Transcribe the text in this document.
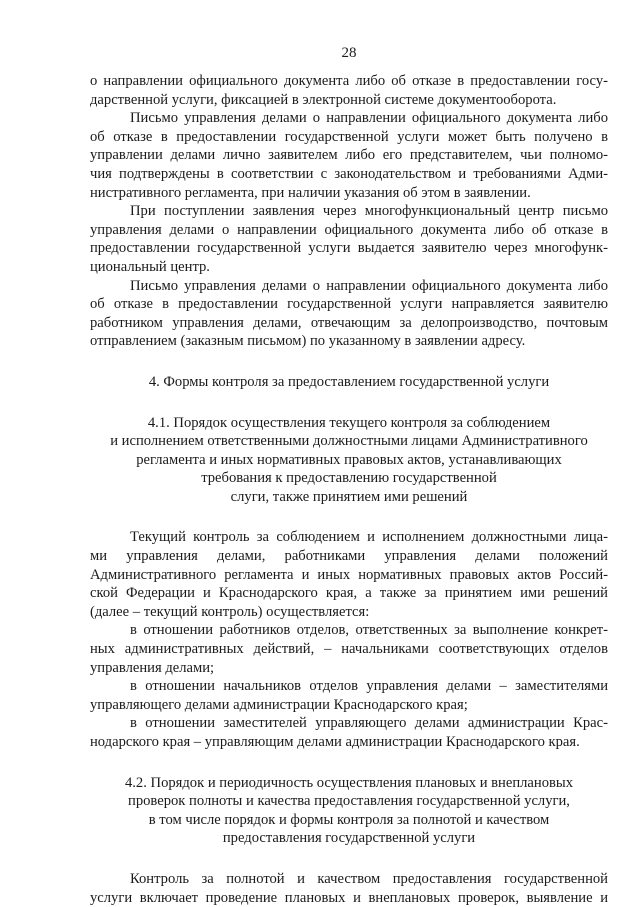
28
о направлении официального документа либо об отказе в предоставлении госу-
дарственной услуги, фиксацией в электронной системе документооборота.
Письмо управления делами о направлении официального документа либо
об отказе в предоставлении государственной услуги может быть получено в
управлении делами лично заявителем либо его представителем, чьи полномо-
чия подтверждены в соответствии с законодательством и требованиями Адми-
нистративного регламента, при наличии указания об этом в заявлении.
При поступлении заявления через многофункциональный центр письмо
управления делами о направлении официального документа либо об отказе в
предоставлении государственной услуги выдается заявителю через многофунк-
циональный центр.
Письмо управления делами о направлении официального документа либо
об отказе в предоставлении государственной услуги направляется заявителю
работником управления делами, отвечающим за делопроизводство, почтовым
отправлением (заказным письмом) по указанному в заявлении адресу.
4. Формы контроля за предоставлением государственной услуги
4.1. Порядок осуществления текущего контроля за соблюдением
и исполнением ответственными должностными лицами Административного
регламента и иных нормативных правовых актов, устанавливающих
требования к предоставлению государственной
слуги, также принятием ими решений
Текущий контроль за соблюдением и исполнением должностными лица-
ми управления делами, работниками управления делами положений
Административного регламента и иных нормативных правовых актов Россий-
ской Федерации и Краснодарского края, а также за принятием ими решений
(далее – текущий контроль) осуществляется:
в отношении работников отделов, ответственных за выполнение конкрет-
ных административных действий, – начальниками соответствующих отделов
управления делами;
в отношении начальников отделов управления делами – заместителями
управляющего делами администрации Краснодарского края;
в отношении заместителей управляющего делами администрации Крас-
нодарского края – управляющим делами администрации Краснодарского края.
4.2. Порядок и периодичность осуществления плановых и внеплановых
проверок полноты и качества предоставления государственной услуги,
в том числе порядок и формы контроля за полнотой и качеством
предоставления государственной услуги
Контроль за полнотой и качеством предоставления государственной
услуги включает проведение плановых и внеплановых проверок, выявление и
